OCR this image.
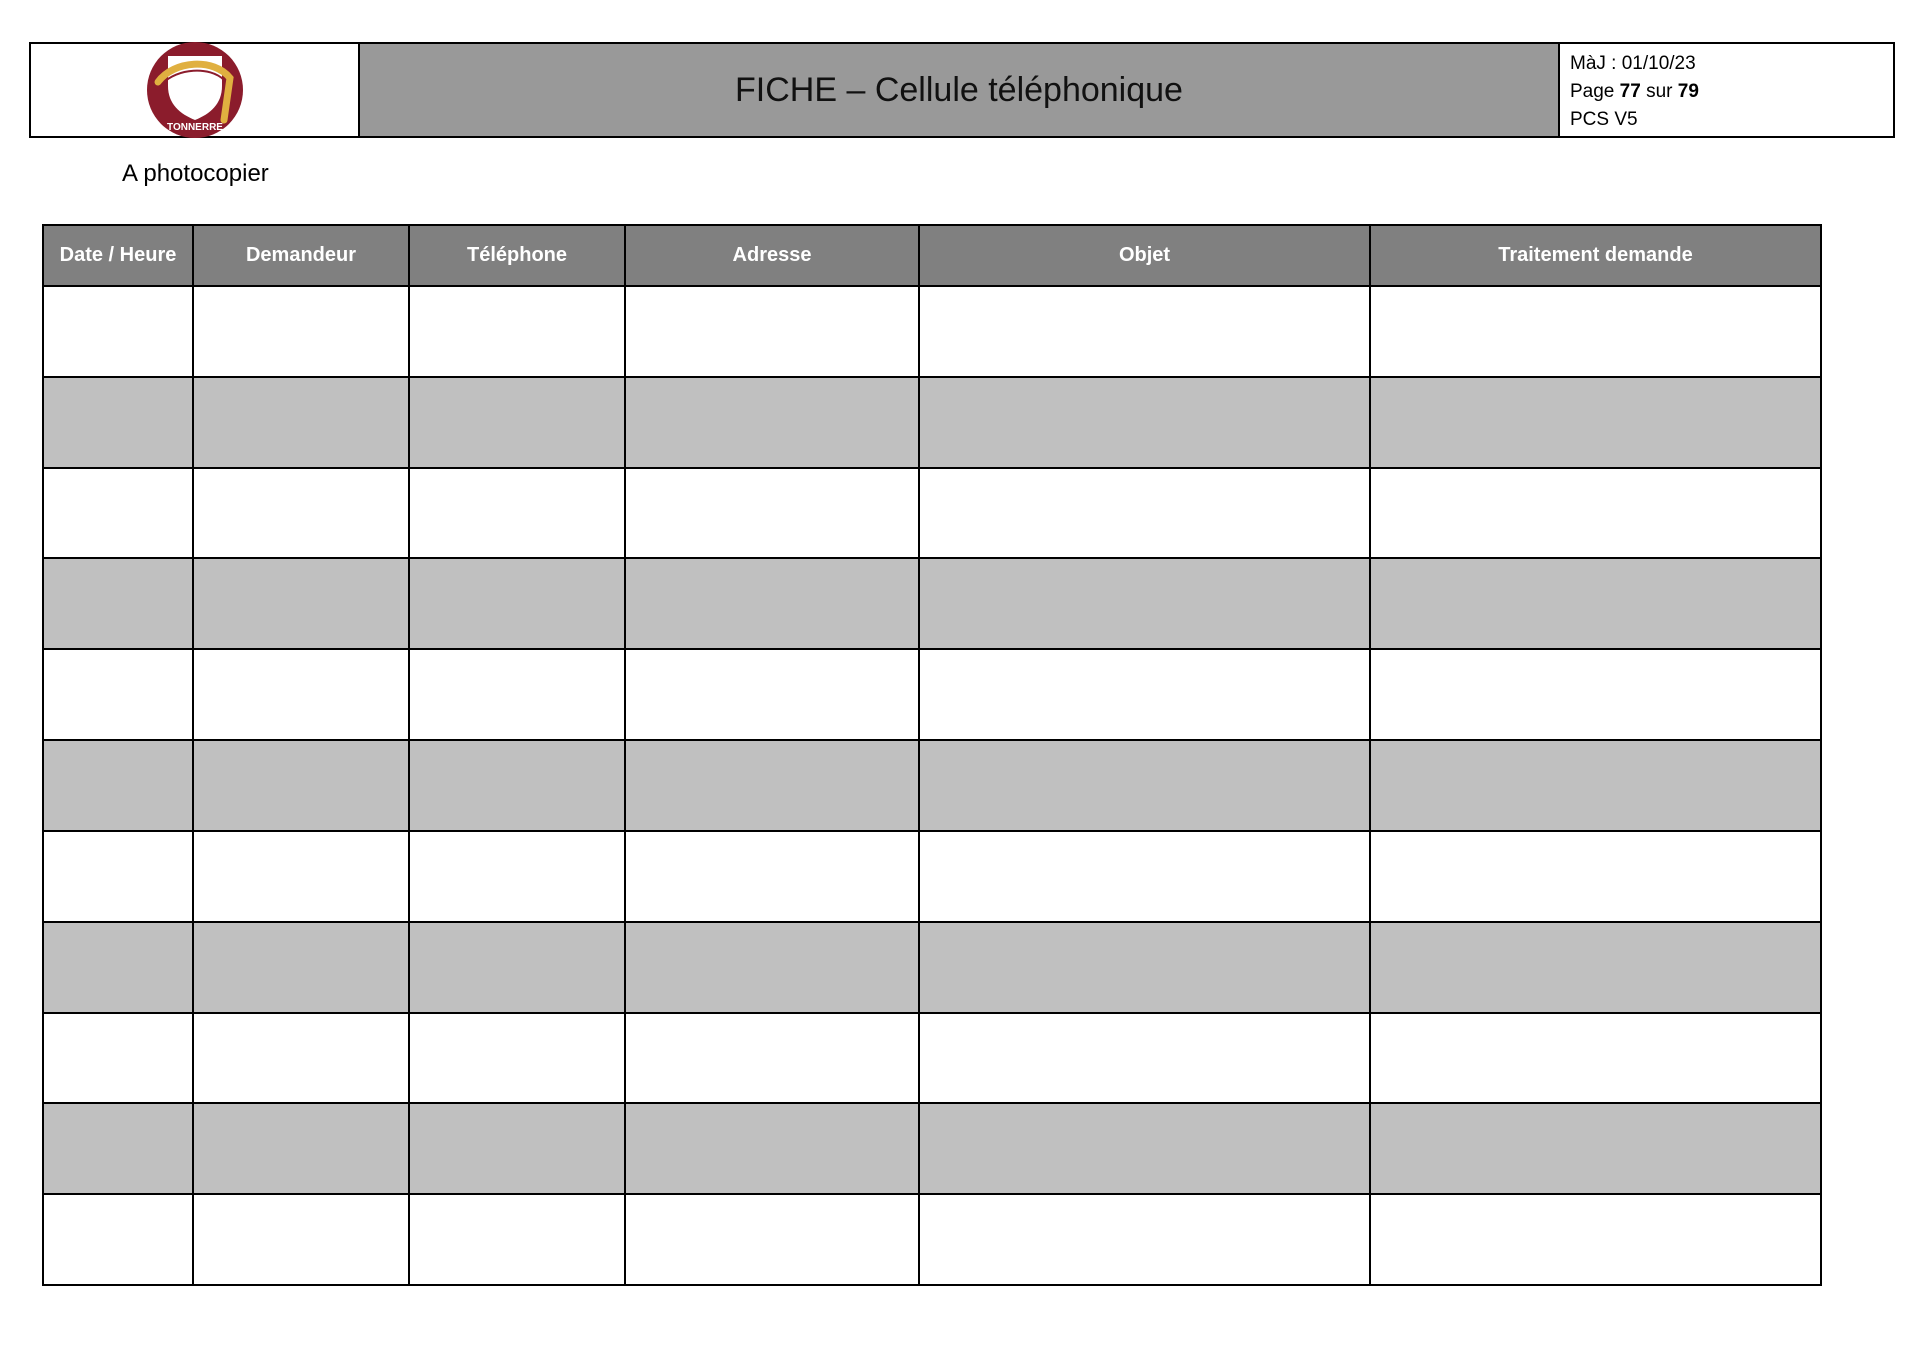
TONNERRE
FICHE – Cellule téléphonique
MàJ : 01/10/23
Page 77 sur 79
PCS V5
A photocopier
Date / Heure	Demandeur	Téléphone	Adresse	Objet	Traitement demande
